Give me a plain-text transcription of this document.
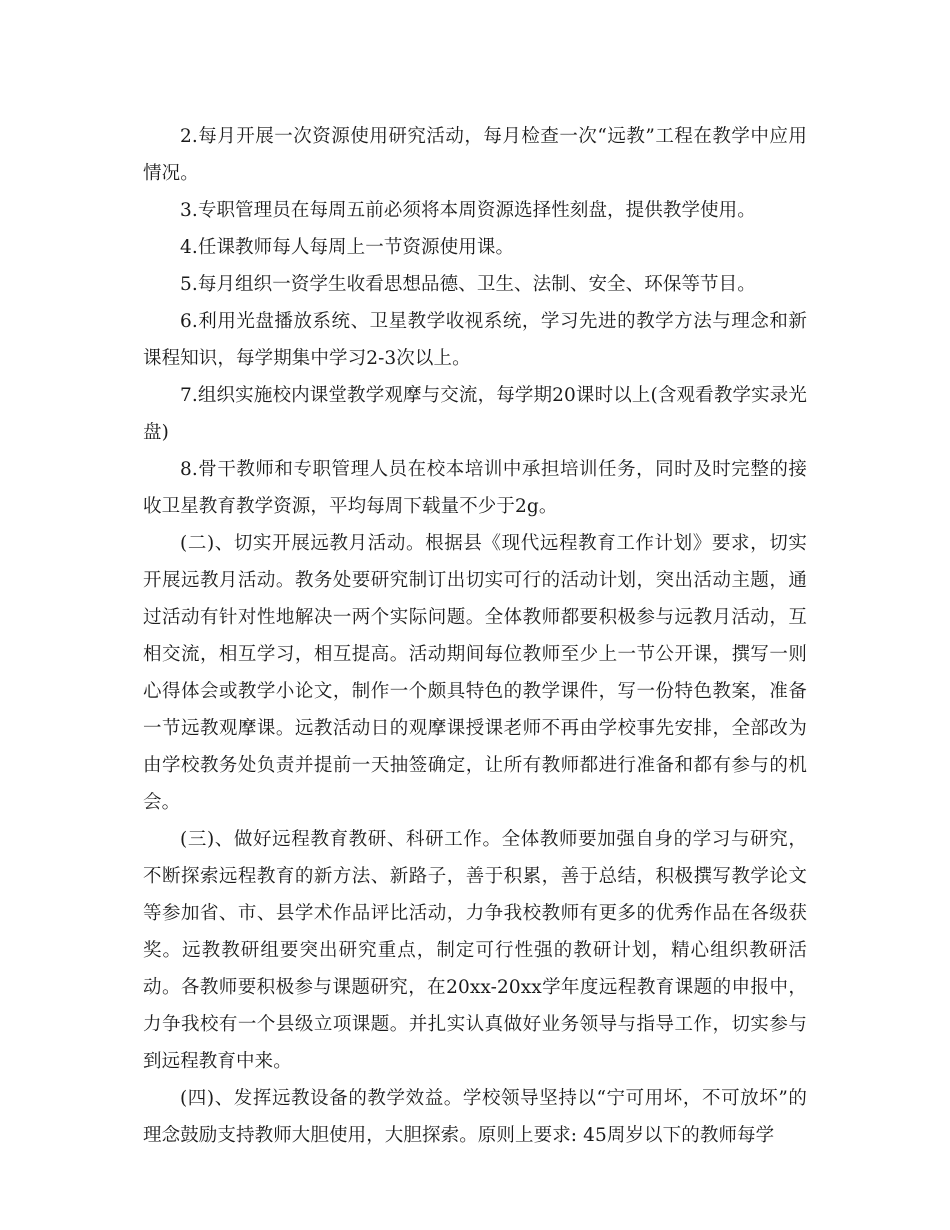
2.每月开展一次资源使用研究活动，每月检查一次“远教”工程在教学中应用情况。

3.专职管理员在每周五前必须将本周资源选择性刻盘，提供教学使用。

4.任课教师每人每周上一节资源使用课。

5.每月组织一资学生收看思想品德、卫生、法制、安全、环保等节目。

6.利用光盘播放系统、卫星教学收视系统，学习先进的教学方法与理念和新课程知识，每学期集中学习2-3次以上。

7.组织实施校内课堂教学观摩与交流，每学期20课时以上(含观看教学实录光盘)

8.骨干教师和专职管理人员在校本培训中承担培训任务，同时及时完整的接收卫星教育教学资源，平均每周下载量不少于2g。

(二)、切实开展远教月活动。根据县《现代远程教育工作计划》要求，切实开展远教月活动。教务处要研究制订出切实可行的活动计划，突出活动主题，通过活动有针对性地解决一两个实际问题。全体教师都要积极参与远教月活动，互相交流，相互学习，相互提高。活动期间每位教师至少上一节公开课，撰写一则心得体会或教学小论文，制作一个颇具特色的教学课件，写一份特色教案，准备一节远教观摩课。远教活动日的观摩课授课老师不再由学校事先安排，全部改为由学校教务处负责并提前一天抽签确定，让所有教师都进行准备和都有参与的机会。

(三)、做好远程教育教研、科研工作。全体教师要加强自身的学习与研究，不断探索远程教育的新方法、新路子，善于积累，善于总结，积极撰写教学论文等参加省、市、县学术作品评比活动，力争我校教师有更多的优秀作品在各级获奖。远教教研组要突出研究重点，制定可行性强的教研计划，精心组织教研活动。各教师要积极参与课题研究，在20xx-20xx学年度远程教育课题的申报中，力争我校有一个县级立项课题。并扎实认真做好业务领导与指导工作，切实参与到远程教育中来。

(四)、发挥远教设备的教学效益。学校领导坚持以“宁可用坏，不可放坏”的理念鼓励支持教师大胆使用，大胆探索。原则上要求: 45周岁以下的教师每学
